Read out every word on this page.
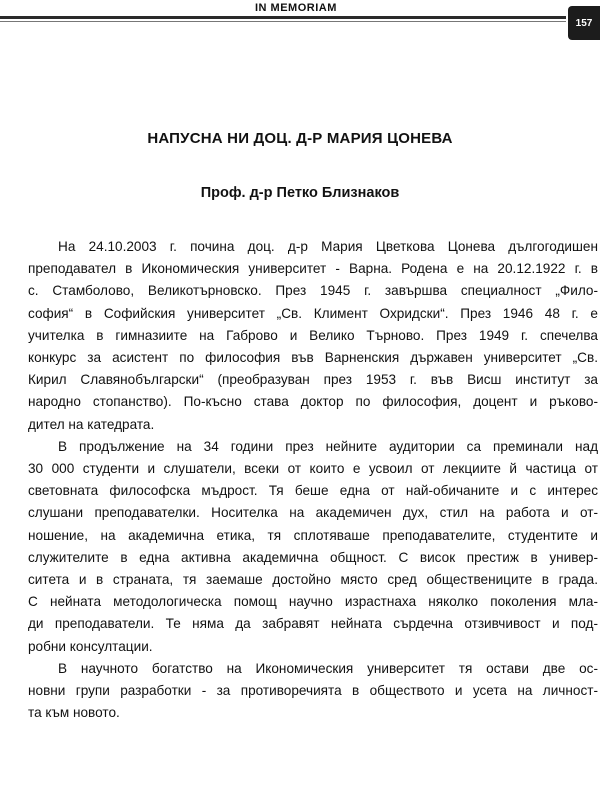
IN MEMORIAM
157
НАПУСНА НИ ДОЦ. Д-Р МАРИЯ ЦОНЕВА
Проф. д-р Петко Близнаков
На 24.10.2003 г. почина доц. д-р Мария Цветкова Цонева дългогодишен
преподавател в Икономическия университет - Варна. Родена е на 20.12.1922 г. в
с. Стамболово, Великотърновско. През 1945 г. завършва специалност „Фило-
софия“ в Софийския университет „Св. Климент Охридски“. През 1946 48 г. е
учителка в гимназиите на Габрово и Велико Търново. През 1949 г. спечелва
конкурс за асистент по философия във Варненския държавен университет „Св.
Кирил Славянобългарски“ (преобразуван през 1953 г. във Висш институт за
народно стопанство). По-късно става доктор по философия, доцент и ръково-
дител на катедрата.
В продължение на 34 години през нейните аудитории са преминали над
30 000 студенти и слушатели, всеки от които е усвоил от лекциите й частица от
световната философска мъдрост. Тя беше една от най-обичаните и с интерес
слушани преподавателки. Носителка на академичен дух, стил на работа и от-
ношение, на академична етика, тя сплотяваше преподавателите, студентите и
служителите в една активна академична общност. С висок престиж в универ-
ситета и в страната, тя заемаше достойно място сред обществениците в града.
С нейната методологическа помощ научно израстнаха няколко поколения мла-
ди преподаватели. Те няма да забравят нейната сърдечна отзивчивост и под-
робни консултации.
В научното богатство на Икономическия университет тя остави две ос-
новни групи разработки - за противоречията в обществото и усета на личност-
та към новото.
